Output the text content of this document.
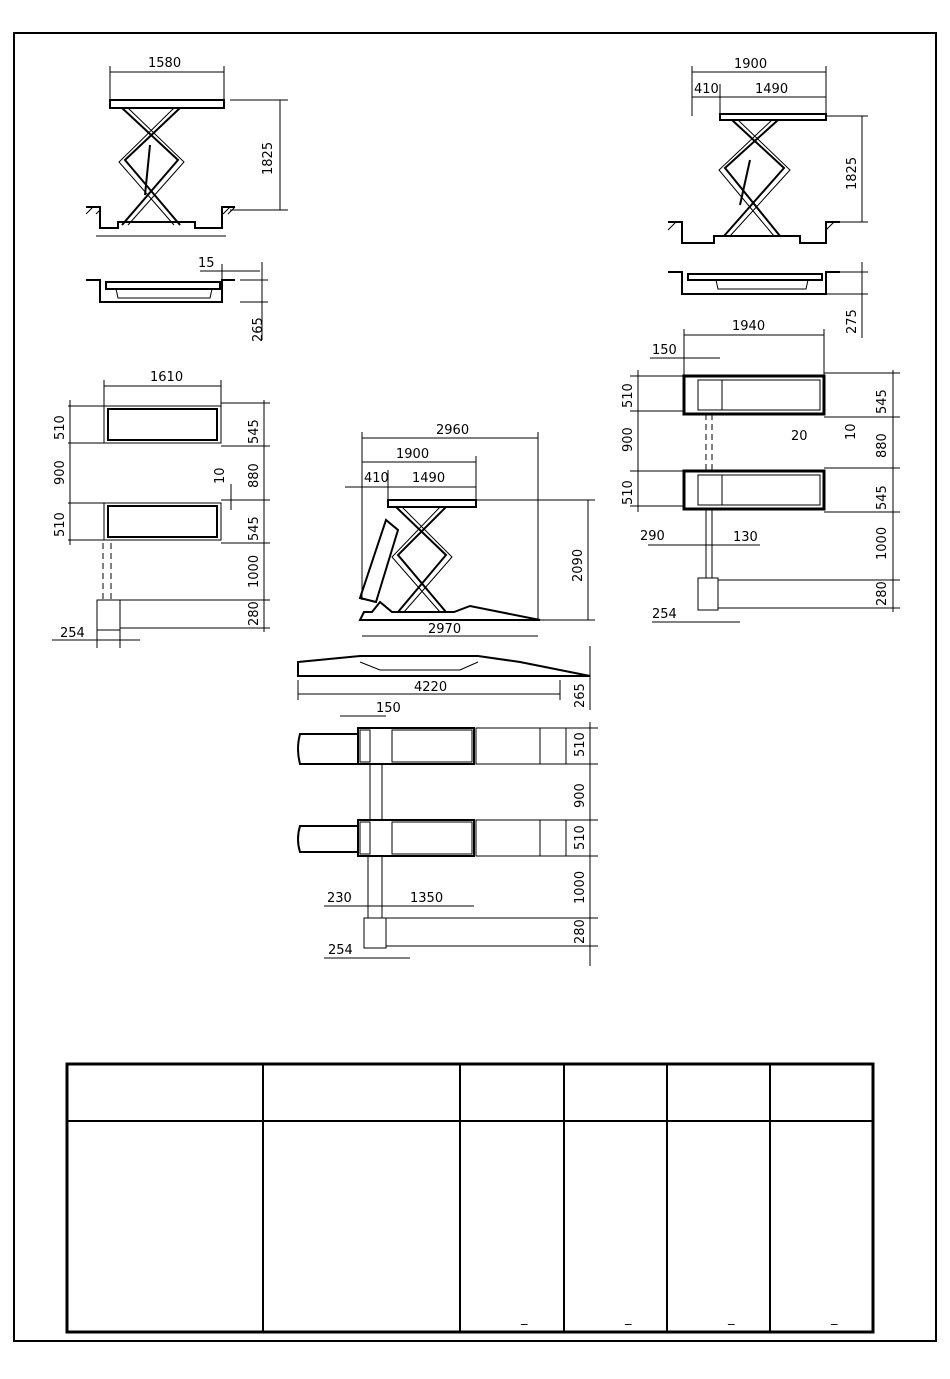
1580
1825
15
265
1610
254
510
900
510
545
880
545
1000
280
10
1900
410	1490
1825
275
1940
150
290	130
254
510
900
510
545
880
545
1000
280
20	10
2960
1900
410 1490
2090
2970
4220	265
150
230	1350
254
510
900
510
1000
280
_	_	_	_
